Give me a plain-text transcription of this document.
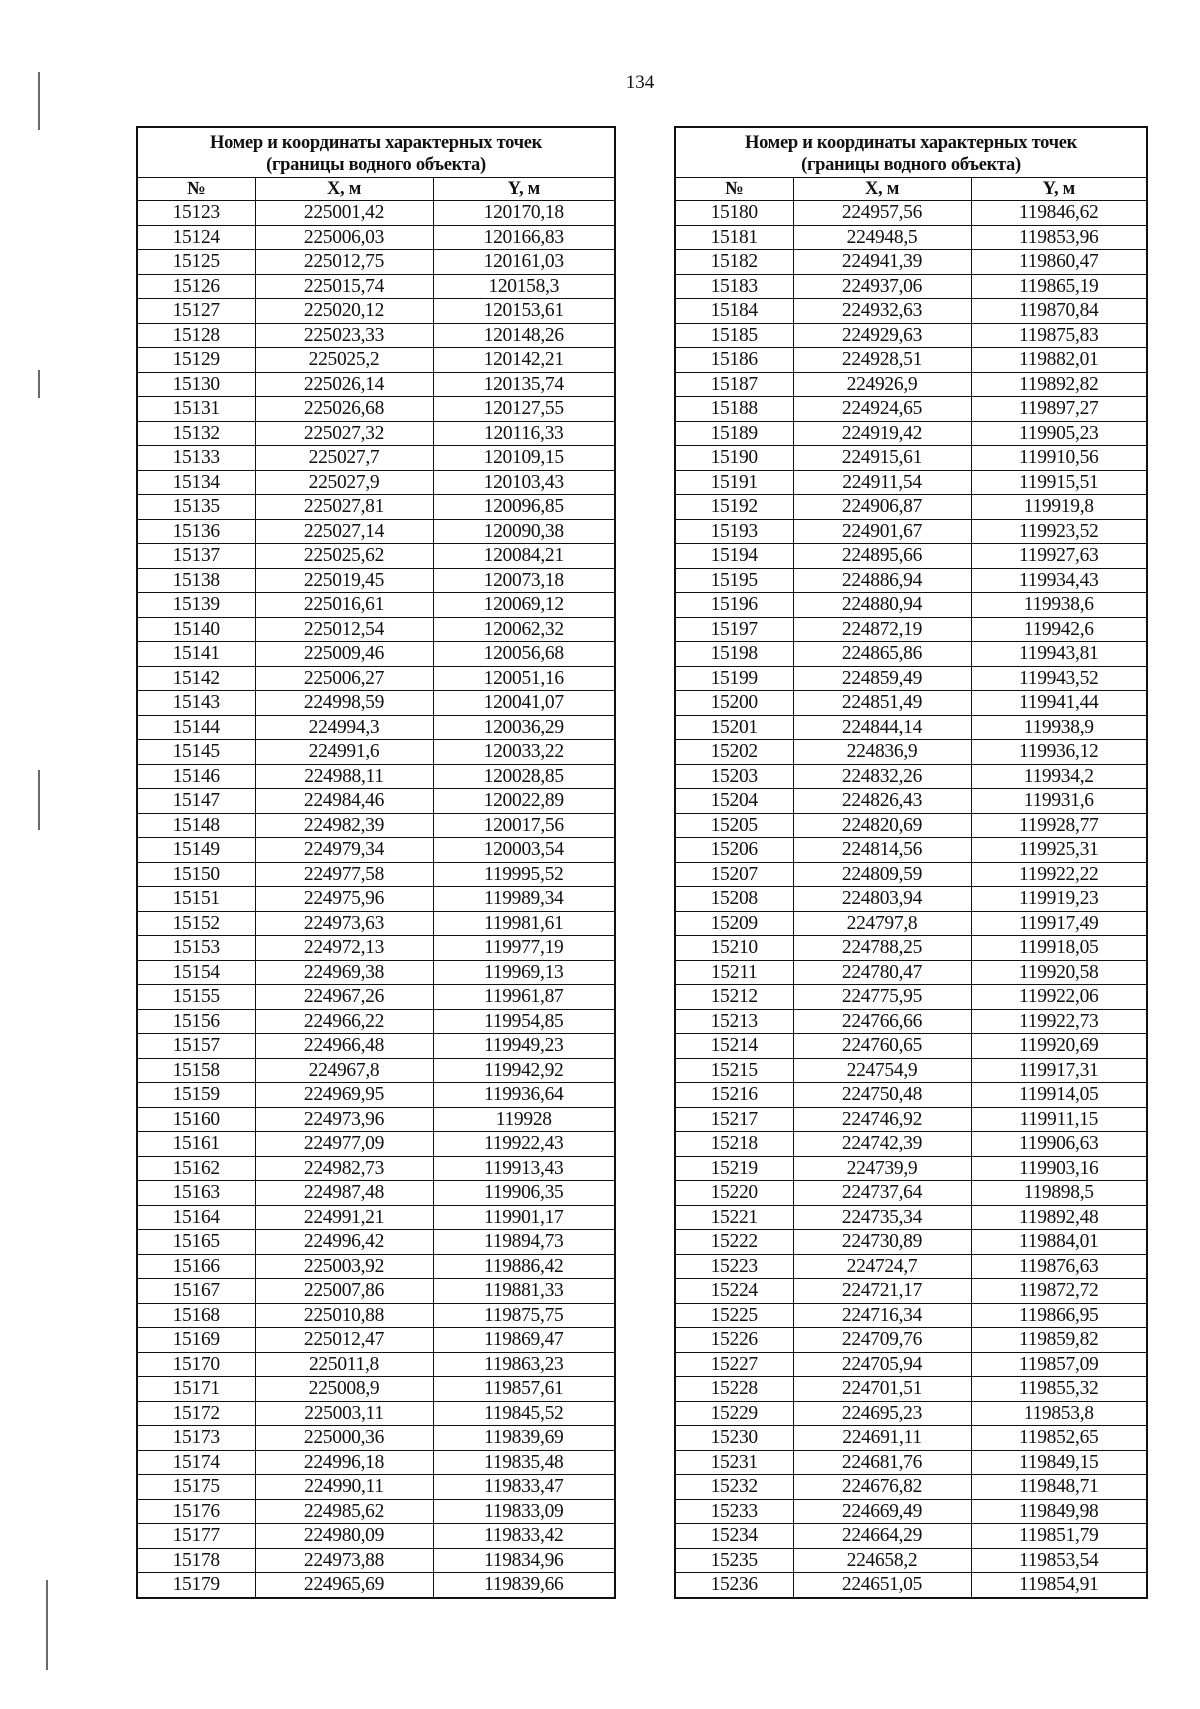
134
Номер и координаты характерных точек
(границы водного объекта)		

№	X, м	Y, м
15123	225001,42	120170,18
15124	225006,03	120166,83
15125	225012,75	120161,03
15126	225015,74	120158,3
15127	225020,12	120153,61
15128	225023,33	120148,26
15129	225025,2	120142,21
15130	225026,14	120135,74
15131	225026,68	120127,55
15132	225027,32	120116,33
15133	225027,7	120109,15
15134	225027,9	120103,43
15135	225027,81	120096,85
15136	225027,14	120090,38
15137	225025,62	120084,21
15138	225019,45	120073,18
15139	225016,61	120069,12
15140	225012,54	120062,32
15141	225009,46	120056,68
15142	225006,27	120051,16
15143	224998,59	120041,07
15144	224994,3	120036,29
15145	224991,6	120033,22
15146	224988,11	120028,85
15147	224984,46	120022,89
15148	224982,39	120017,56
15149	224979,34	120003,54
15150	224977,58	119995,52
15151	224975,96	119989,34
15152	224973,63	119981,61
15153	224972,13	119977,19
15154	224969,38	119969,13
15155	224967,26	119961,87
15156	224966,22	119954,85
15157	224966,48	119949,23
15158	224967,8	119942,92
15159	224969,95	119936,64
15160	224973,96	119928
15161	224977,09	119922,43
15162	224982,73	119913,43
15163	224987,48	119906,35
15164	224991,21	119901,17
15165	224996,42	119894,73
15166	225003,92	119886,42
15167	225007,86	119881,33
15168	225010,88	119875,75
15169	225012,47	119869,47
15170	225011,8	119863,23
15171	225008,9	119857,61
15172	225003,11	119845,52
15173	225000,36	119839,69
15174	224996,18	119835,48
15175	224990,11	119833,47
15176	224985,62	119833,09
15177	224980,09	119833,42
15178	224973,88	119834,96
15179	224965,69	119839,66
Номер и координаты характерных точек
(границы водного объекта)		

№	X, м	Y, м
15180	224957,56	119846,62
15181	224948,5	119853,96
15182	224941,39	119860,47
15183	224937,06	119865,19
15184	224932,63	119870,84
15185	224929,63	119875,83
15186	224928,51	119882,01
15187	224926,9	119892,82
15188	224924,65	119897,27
15189	224919,42	119905,23
15190	224915,61	119910,56
15191	224911,54	119915,51
15192	224906,87	119919,8
15193	224901,67	119923,52
15194	224895,66	119927,63
15195	224886,94	119934,43
15196	224880,94	119938,6
15197	224872,19	119942,6
15198	224865,86	119943,81
15199	224859,49	119943,52
15200	224851,49	119941,44
15201	224844,14	119938,9
15202	224836,9	119936,12
15203	224832,26	119934,2
15204	224826,43	119931,6
15205	224820,69	119928,77
15206	224814,56	119925,31
15207	224809,59	119922,22
15208	224803,94	119919,23
15209	224797,8	119917,49
15210	224788,25	119918,05
15211	224780,47	119920,58
15212	224775,95	119922,06
15213	224766,66	119922,73
15214	224760,65	119920,69
15215	224754,9	119917,31
15216	224750,48	119914,05
15217	224746,92	119911,15
15218	224742,39	119906,63
15219	224739,9	119903,16
15220	224737,64	119898,5
15221	224735,34	119892,48
15222	224730,89	119884,01
15223	224724,7	119876,63
15224	224721,17	119872,72
15225	224716,34	119866,95
15226	224709,76	119859,82
15227	224705,94	119857,09
15228	224701,51	119855,32
15229	224695,23	119853,8
15230	224691,11	119852,65
15231	224681,76	119849,15
15232	224676,82	119848,71
15233	224669,49	119849,98
15234	224664,29	119851,79
15235	224658,2	119853,54
15236	224651,05	119854,91
